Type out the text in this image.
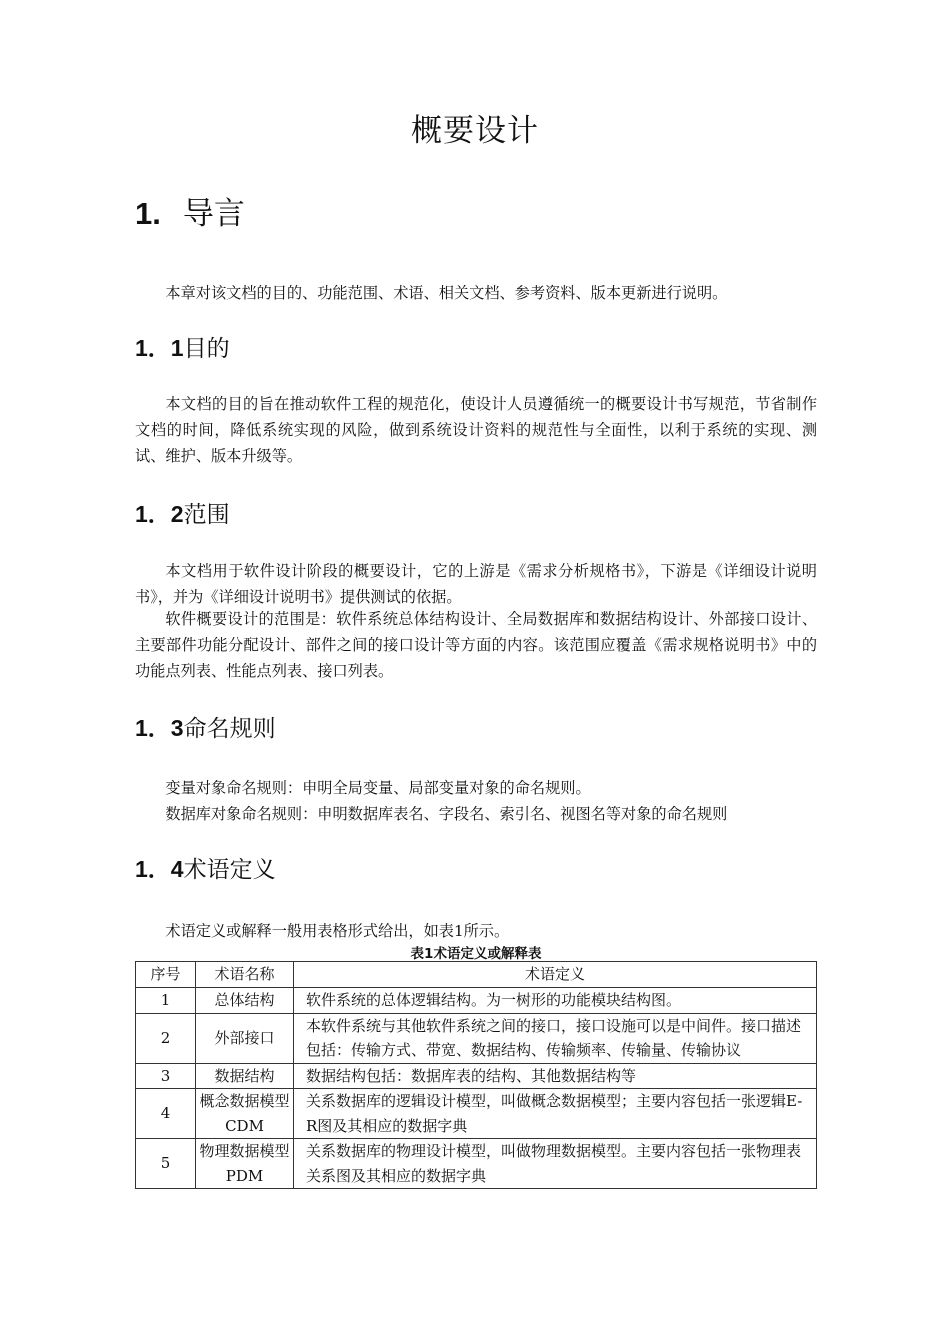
概要设计
1. 导言

本章对该文档的目的、功能范围、术语、相关文档、参考资料、版本更新进行说明。

1．1目的

本文档的目的旨在推动软件工程的规范化，使设计人员遵循统一的概要设计书写规范，节省制作文档的时间，降低系统实现的风险，做到系统设计资料的规范性与全面性，以利于系统的实现、测试、维护、版本升级等。

1．2范围

本文档用于软件设计阶段的概要设计，它的上游是《需求分析规格书》，下游是《详细设计说明书》，并为《详细设计说明书》提供测试的依据。

软件概要设计的范围是：软件系统总体结构设计、全局数据库和数据结构设计、外部接口设计、主要部件功能分配设计、部件之间的接口设计等方面的内容。该范围应覆盖《需求规格说明书》中的功能点列表、性能点列表、接口列表。

1．3命名规则

变量对象命名规则：申明全局变量、局部变量对象的命名规则。

数据库对象命名规则：申明数据库表名、字段名、索引名、视图名等对象的命名规则

1．4术语定义

术语定义或解释一般用表格形式给出，如表1所示。

表1术语定义或解释表

序号	术语名称	术语定义
1	总体结构	软件系统的总体逻辑结构。为一树形的功能模块结构图。
2	外部接口	本软件系统与其他软件系统之间的接口，接口设施可以是中间件。接口描述包括：传输方式、带宽、数据结构、传输频率、传输量、传输协议
3	数据结构	数据结构包括：数据库表的结构、其他数据结构等
4	概念数据模型CDM	关系数据库的逻辑设计模型，叫做概念数据模型；主要内容包括一张逻辑E-R图及其相应的数据字典
5	物理数据模型PDM	关系数据库的物理设计模型，叫做物理数据模型。主要内容包括一张物理表关系图及其相应的数据字典
